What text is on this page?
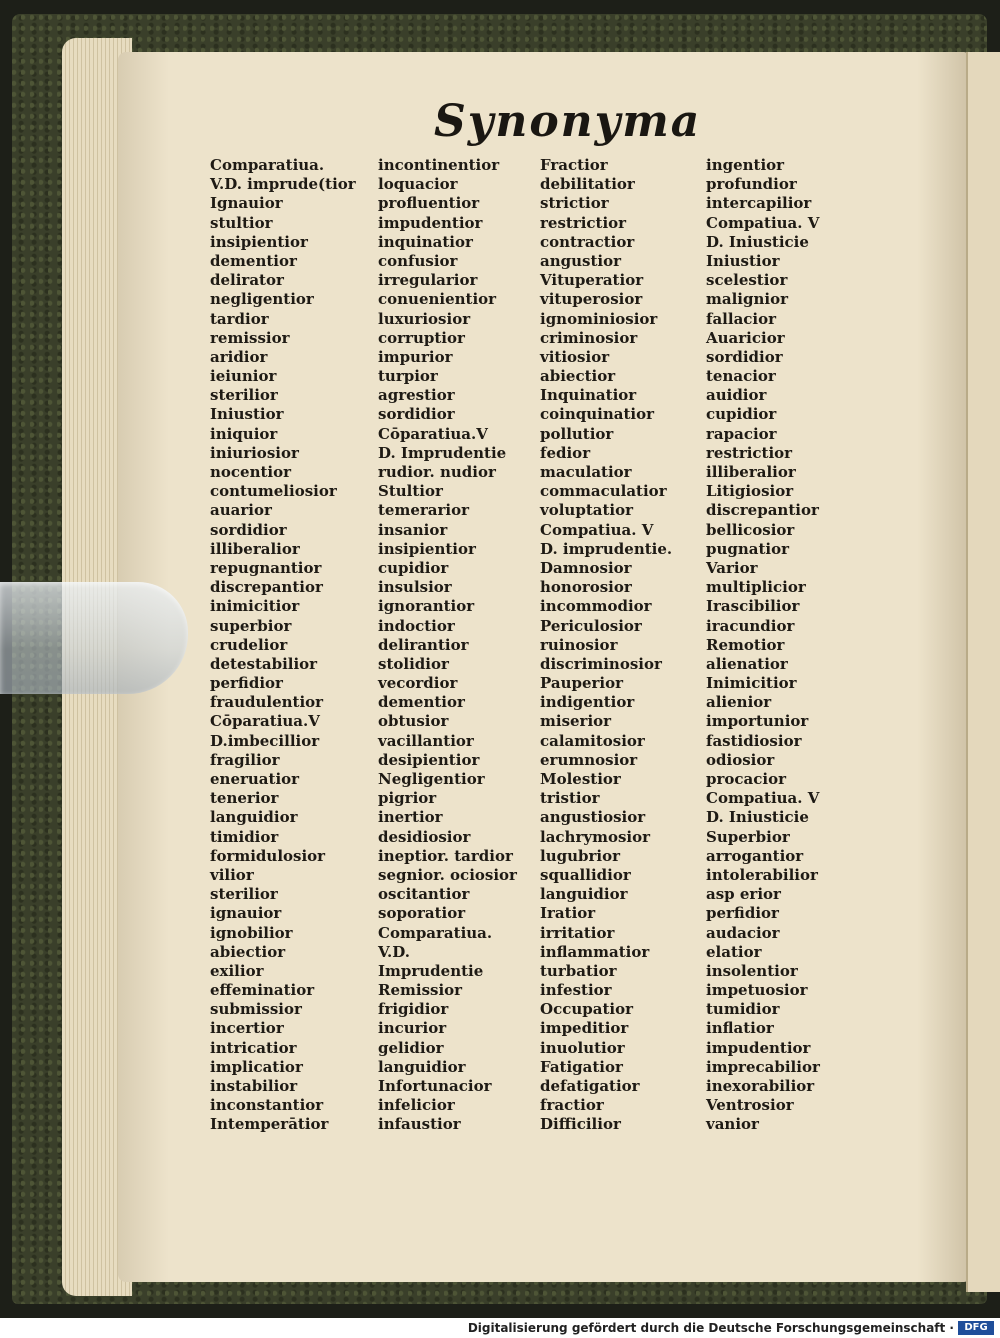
Synonyma
Comparatiua.
V.D. imprude(tior
Ignauior
stultior
insipientior
dementior
delirator
negligentior
tardior
remissior
aridior
ieiunior
sterilior
Iniustior
iniquior
iniuriosior
nocentior
contumeliosior
auarior
sordidior
illiberalior
repugnantior
discrepantior
inimicitior
superbior
crudelior
detestabilior
perfidior
fraudulentior
Cōparatiua.V
D.imbecillior
fragilior
eneruatior
tenerior
languidior
timidior
formidulosior
vilior
sterilior
ignauior
ignobilior
abiectior
exilior
effeminatior
submissior
incertior
intricatior
implicatior
instabilior
inconstantior
Intemperātior
incontinentior
loquacior
profluentior
impudentior
inquinatior
confusior
irregularior
conuenientior
luxuriosior
corruptior
impurior
turpior
agrestior
sordidior
Cōparatiua.V
D. Imprudentie
rudior. nudior
Stultior
temerarior
insanior
insipientior
cupidior
insulsior
ignorantior
indoctior
delirantior
stolidior
vecordior
dementior
obtusior
vacillantior
desipientior
Negligentior
pigrior
inertior
desidiosior
ineptior. tardior
segnior. ociosior
oscitantior
soporatior
Comparatiua.
V.D.
Imprudentie
Remissior
frigidior
incurior
gelidior
languidior
Infortunacior
infelicior
infaustior
Fractior
debilitatior
strictior
restrictior
contractior
angustior
Vituperatior
vituperosior
ignominiosior
criminosior
vitiosior
abiectior
Inquinatior
coinquinatior
pollutior
fedior
maculatior
commaculatior
voluptatior
Compatiua. V
D. imprudentie.
Damnosior
honorosior
incommodior
Periculosior
ruinosior
discriminosior
Pauperior
indigentior
miserior
calamitosior
erumnosior
Molestior
tristior
angustiosior
lachrymosior
lugubrior
squallidior
languidior
Iratior
irritatior
inflammatior
turbatior
infestior
Occupatior
impeditior
inuolutior
Fatigatior
defatigatior
fractior
Difficilior
ingentior
profundior
intercapilior
Compatiua. V
D. Iniusticie
Iniustior
scelestior
malignior
fallacior
Auaricior
sordidior
tenacior
auidior
cupidior
rapacior
restrictior
illiberalior
Litigiosior
discrepantior
bellicosior
pugnatior
Varior
multiplicior
Irascibilior
iracundior
Remotior
alienatior
Inimicitior
alienior
importunior
fastidiosior
odiosior
procacior
Compatiua. V
D. Iniusticie
Superbior
arrogantior
intolerabilior
asp erior
perfidior
audacior
elatior
insolentior
impetuosior
tumidior
inflatior
impudentior
imprecabilior
inexorabilior
Ventrosior
vanior
Digitalisierung gefördert durch die Deutsche Forschungsgemeinschaft ·	DFG
